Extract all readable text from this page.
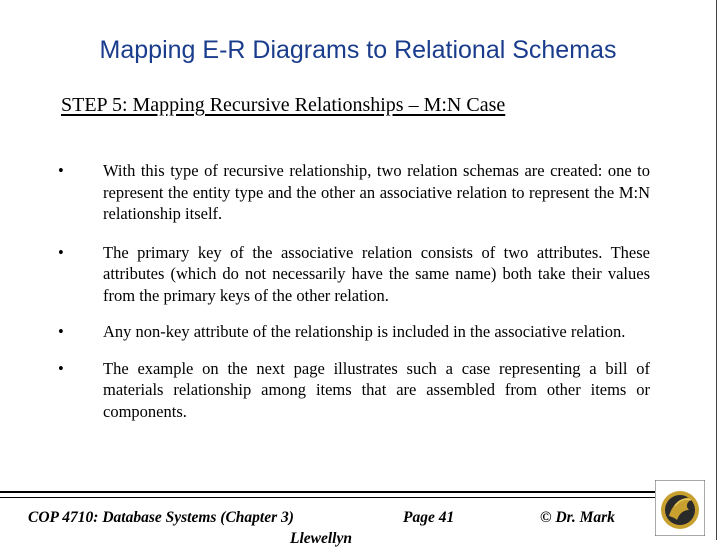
Mapping E-R Diagrams to Relational Schemas
STEP 5: Mapping Recursive Relationships – M:N Case
•	With this type of recursive relationship, two relation schemas are created: one to represent the entity type and the other an associative relation to represent the M:N relationship itself.
•	The primary key of the associative relation consists of two attributes. These attributes (which do not necessarily have the same name) both take their values from the primary keys of the other relation.
•	Any non-key attribute of the relationship is included in the associative relation.
•	The example on the next page illustrates such a case representing a bill of materials relationship among items that are assembled from other items or components.
COP 4710: Database Systems (Chapter 3)	Page 41	© Dr. Mark
Llewellyn
